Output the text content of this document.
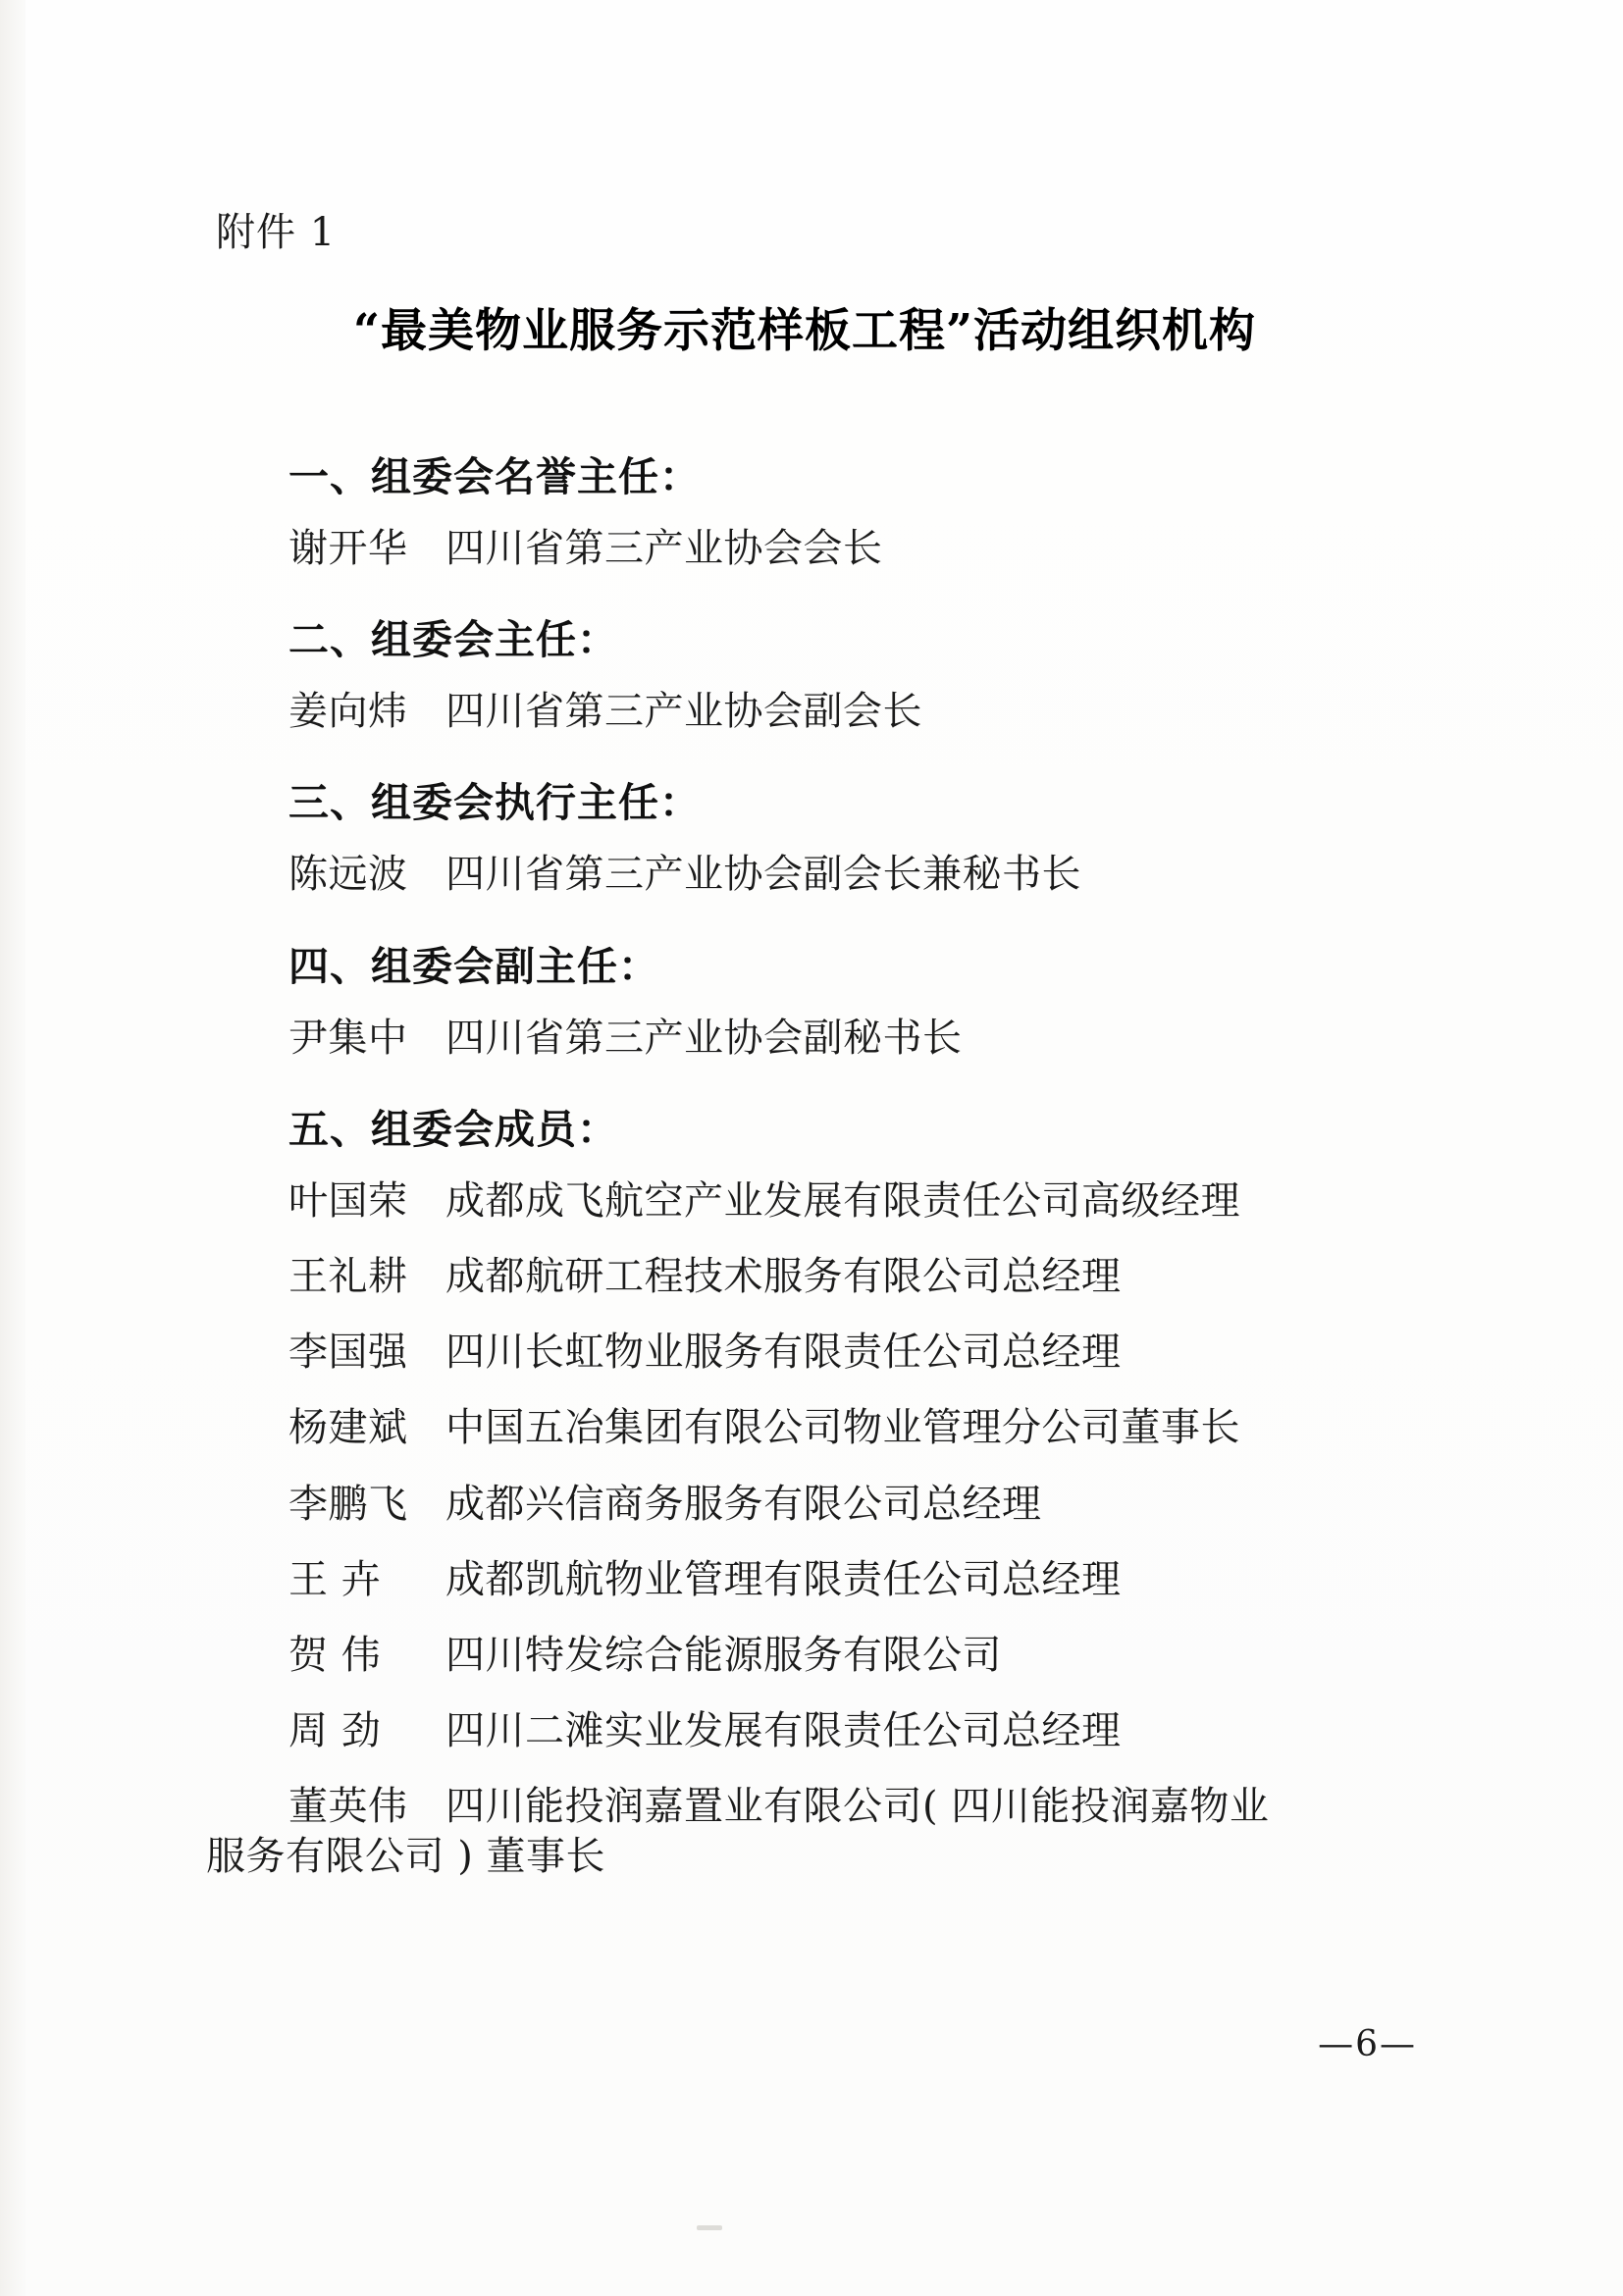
附件 1

“最美物业服务示范样板工程”活动组织机构

一、组委会名誉主任：

谢开华 四川省第三产业协会会长

二、组委会主任：

姜向炜 四川省第三产业协会副会长

三、组委会执行主任：

陈远波 四川省第三产业协会副会长兼秘书长

四、组委会副主任：

尹集中 四川省第三产业协会副秘书长

五、组委会成员：

叶国荣 成都成飞航空产业发展有限责任公司高级经理

王礼耕 成都航研工程技术服务有限公司总经理

李国强 四川长虹物业服务有限责任公司总经理

杨建斌 中国五冶集团有限公司物业管理分公司董事长

李鹏飞 成都兴信商务服务有限公司总经理

王 卉 成都凯航物业管理有限责任公司总经理

贺 伟 四川特发综合能源服务有限公司

周 劲 四川二滩实业发展有限责任公司总经理

董英伟 四川能投润嘉置业有限公司( 四川能投润嘉物业
服务有限公司 ) 董事长

—6—
